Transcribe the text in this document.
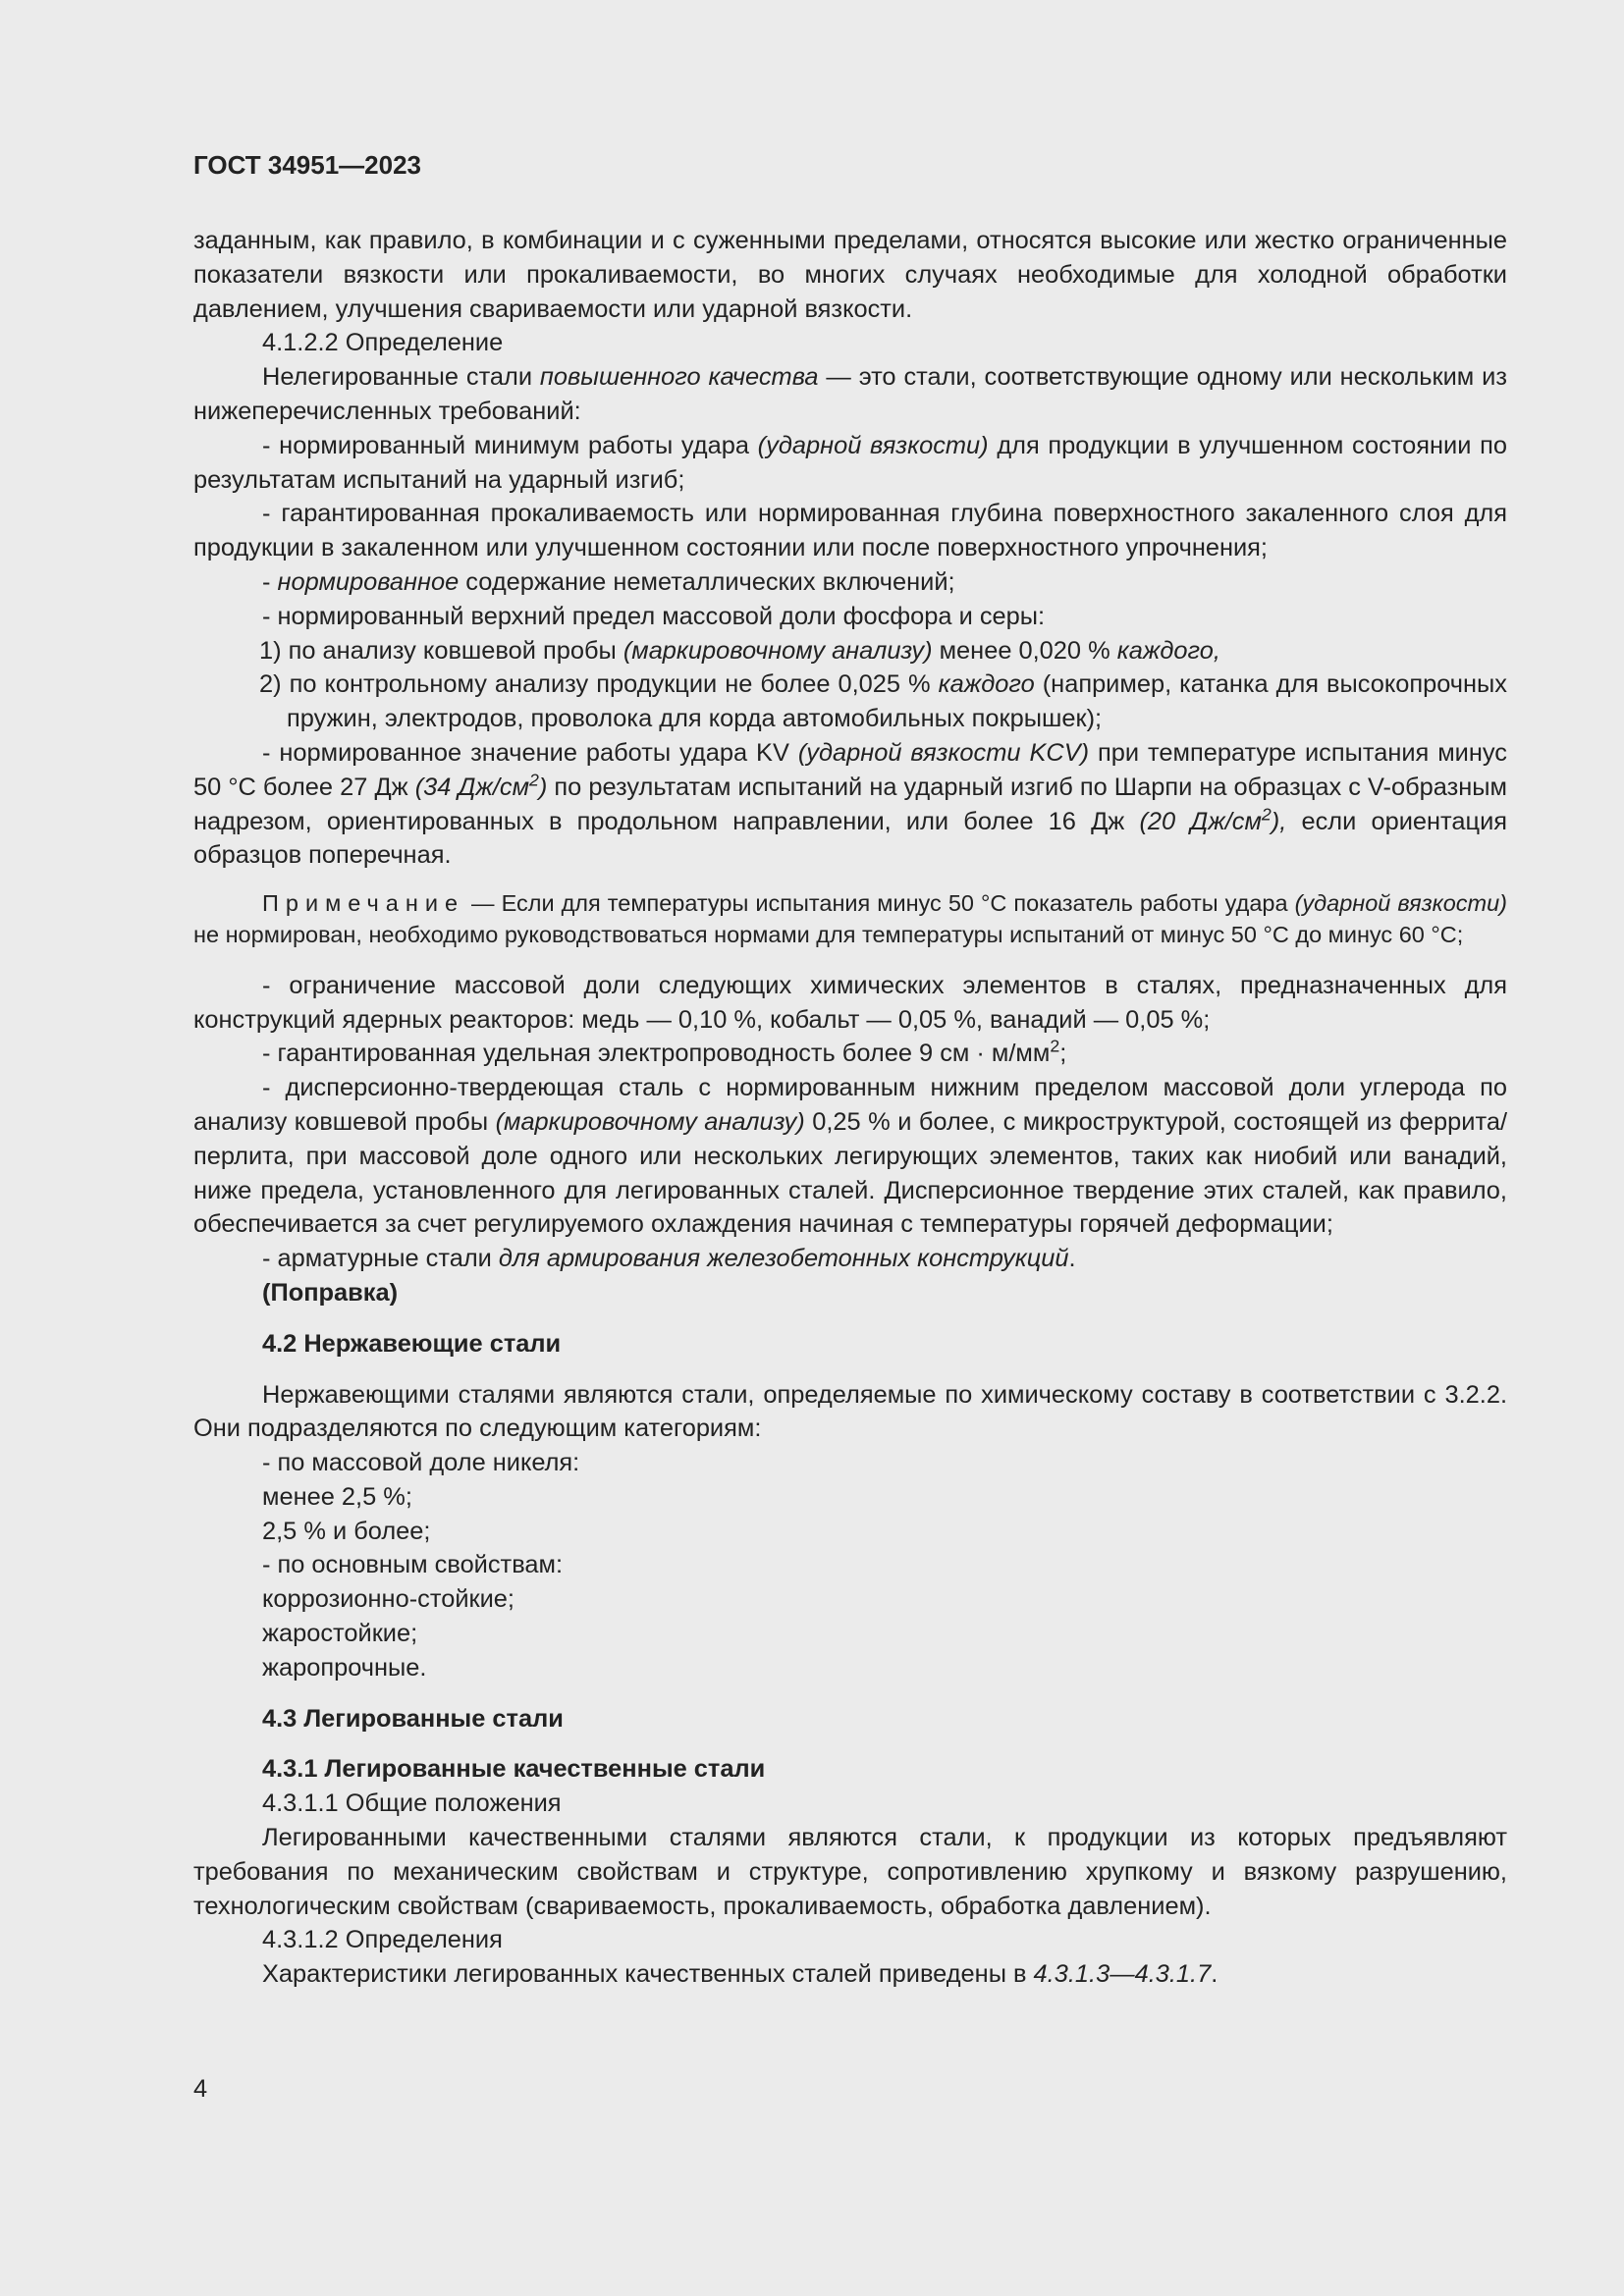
ГОСТ 34951—2023

заданным, как правило, в комбинации и с суженными пределами, относятся высокие или жестко ограниченные показатели вязкости или прокаливаемости, во многих случаях необходимые для холодной обработки давлением, улучшения свариваемости или ударной вязкости.

4.1.2.2 Определение

Нелегированные стали повышенного качества — это стали, соответствующие одному или нескольким из нижеперечисленных требований:

- нормированный минимум работы удара (ударной вязкости) для продукции в улучшенном состоянии по результатам испытаний на ударный изгиб;

- гарантированная прокаливаемость или нормированная глубина поверхностного закаленного слоя для продукции в закаленном или улучшенном состоянии или после поверхностного упрочнения;

- нормированное содержание неметаллических включений;

- нормированный верхний предел массовой доли фосфора и серы:

1) по анализу ковшевой пробы (маркировочному анализу) менее 0,020 % каждого,

2) по контрольному анализу продукции не более 0,025 % каждого (например, катанка для высокопрочных пружин, электродов, проволока для корда автомобильных покрышек);

- нормированное значение работы удара KV (ударной вязкости KCV) при температуре испытания минус 50 °С более 27 Дж (34 $Дж/см^2$) по результатам испытаний на ударный изгиб по Шарпи на образцах с V-образным надрезом, ориентированных в продольном направлении, или более 16 Дж (20 $Дж/см^2$), если ориентация образцов поперечная.

Примечание — Если для температуры испытания минус 50 °С показатель работы удара (ударной вязкости) не нормирован, необходимо руководствоваться нормами для температуры испытаний от минус 50 °С до минус 60 °С;

- ограничение массовой доли следующих химических элементов в сталях, предназначенных для конструкций ядерных реакторов: медь — 0,10 %, кобальт — 0,05 %, ванадий — 0,05 %;

- гарантированная удельная электропроводность более 9 см · $м/мм^2$;

- дисперсионно-твердеющая сталь с нормированным нижним пределом массовой доли углерода по анализу ковшевой пробы (маркировочному анализу) 0,25 % и более, с микроструктурой, состоящей из феррита/перлита, при массовой доле одного или нескольких легирующих элементов, таких как ниобий или ванадий, ниже предела, установленного для легированных сталей. Дисперсионное твердение этих сталей, как правило, обеспечивается за счет регулируемого охлаждения начиная с температуры горячей деформации;

- арматурные стали для армирования железобетонных конструкций.

(Поправка)

4.2 Нержавеющие стали

Нержавеющими сталями являются стали, определяемые по химическому составу в соответствии с 3.2.2. Они подразделяются по следующим категориям:

- по массовой доле никеля:

менее 2,5 %;

2,5 % и более;

- по основным свойствам:

коррозионно-стойкие;

жаростойкие;

жаропрочные.

4.3 Легированные стали

4.3.1 Легированные качественные стали

4.3.1.1 Общие положения

Легированными качественными сталями являются стали, к продукции из которых предъявляют требования по механическим свойствам и структуре, сопротивлению хрупкому и вязкому разрушению, технологическим свойствам (свариваемость, прокаливаемость, обработка давлением).

4.3.1.2 Определения

Характеристики легированных качественных сталей приведены в 4.3.1.3—4.3.1.7.

4
